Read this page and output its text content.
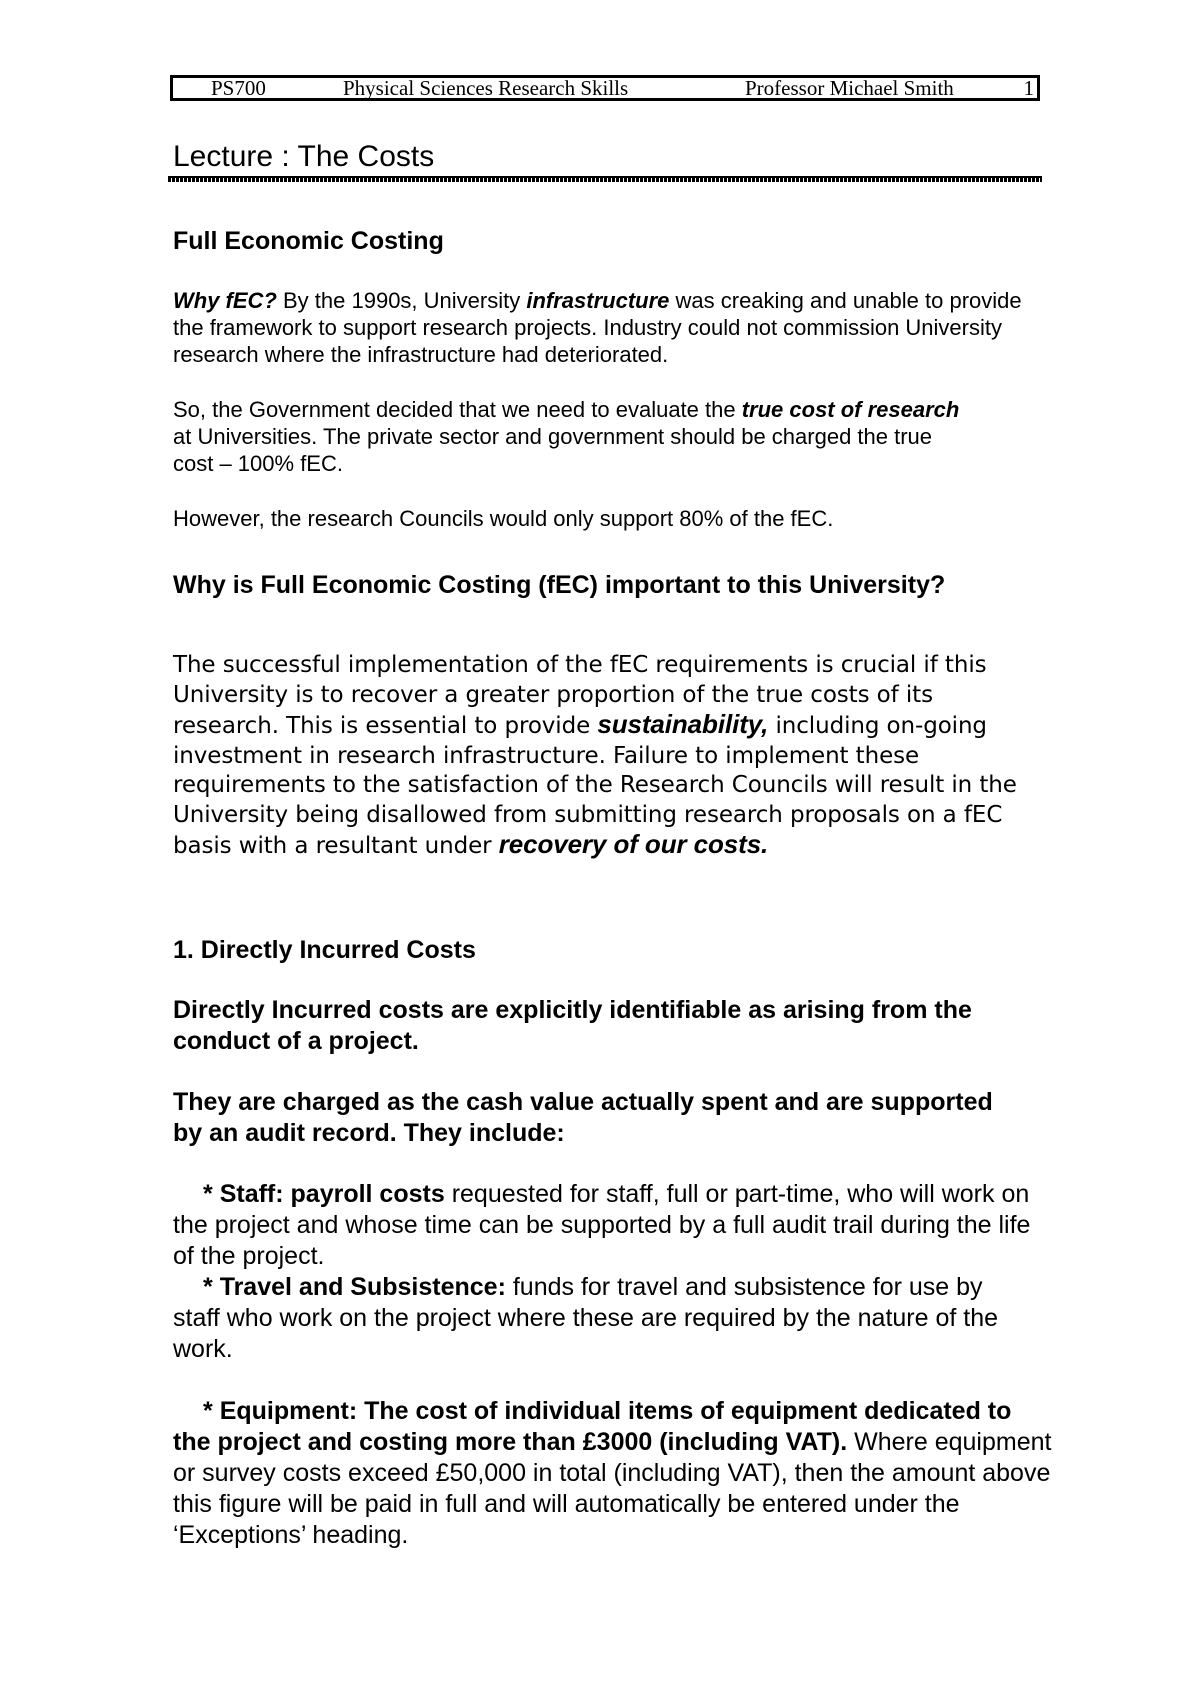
PS700	Physical Sciences Research Skills	Professor Michael Smith	1
Lecture : The Costs
Full Economic Costing

Why fEC? By the 1990s, University infrastructure was creaking and unable to provide the framework to support research projects. Industry could not commission University research where the infrastructure had deteriorated.

So, the Government decided that we need to evaluate the true cost of research at Universities. The private sector and government should be charged the true cost – 100% fEC.

However, the research Councils would only support 80% of the fEC.

Why is Full Economic Costing (fEC) important to this University?

The successful implementation of the fEC requirements is crucial if this University is to recover a greater proportion of the true costs of its research. This is essential to provide sustainability, including on-going investment in research infrastructure. Failure to implement these requirements to the satisfaction of the Research Councils will result in the University being disallowed from submitting research proposals on a fEC basis with a resultant under recovery of our costs.

1. Directly Incurred Costs

Directly Incurred costs are explicitly identifiable as arising from the conduct of a project.

They are charged as the cash value actually spent and are supported by an audit record. They include:

* Staff: payroll costs requested for staff, full or part-time, who will work on the project and whose time can be supported by a full audit trail during the life of the project.

* Travel and Subsistence: funds for travel and subsistence for use by staff who work on the project where these are required by the nature of the
work.

* Equipment: The cost of individual items of equipment dedicated to the project and costing more than £3000 (including VAT). Where equipment or survey costs exceed £50,000 in total (including VAT), then the amount above this figure will be paid in full and will automatically be entered under the ‘Exceptions’ heading.
